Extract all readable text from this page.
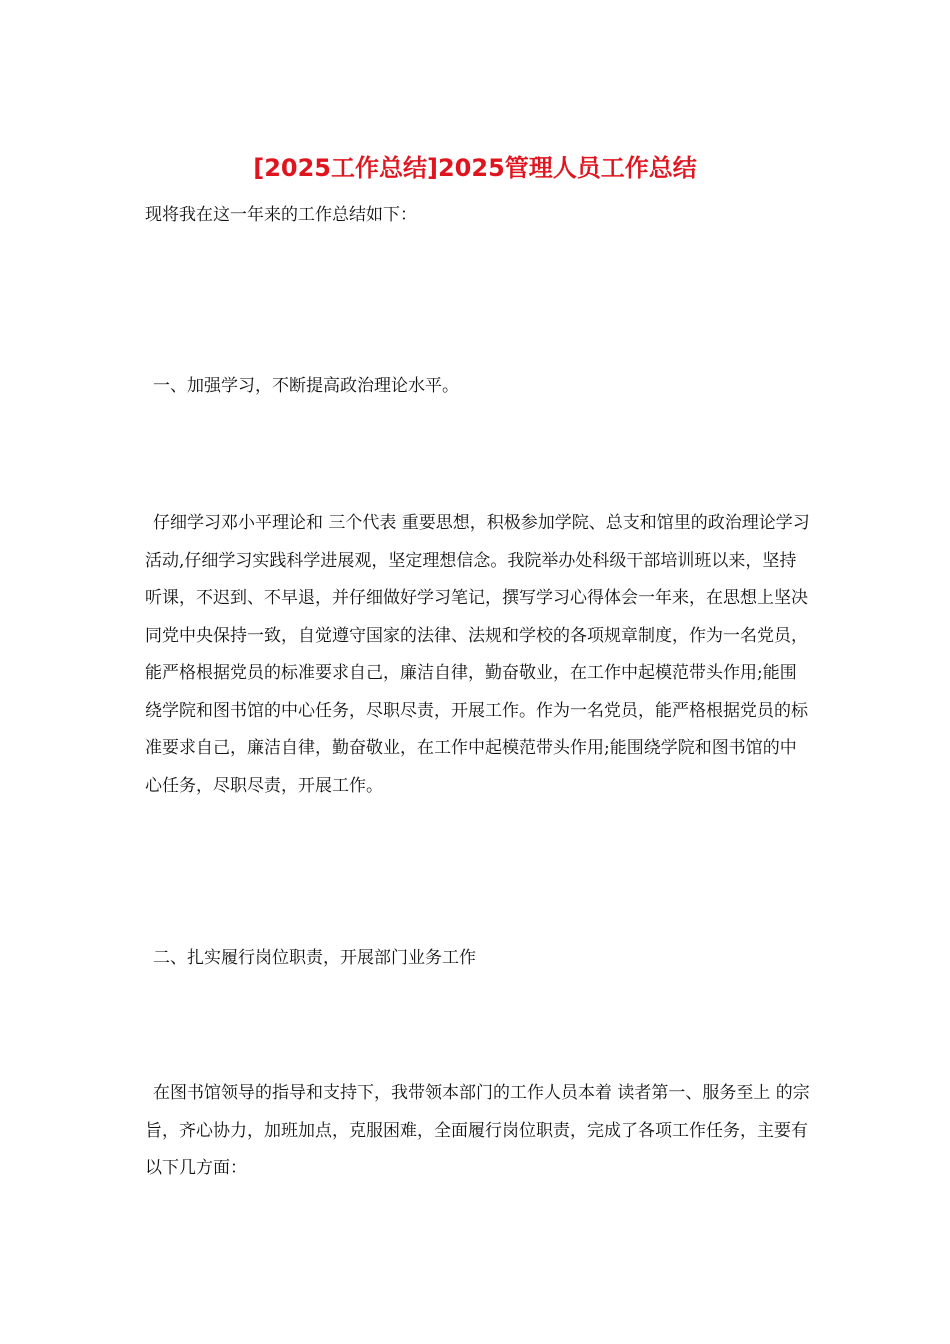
[2025工作总结]2025管理人员工作总结

现将我在这一年来的工作总结如下：

一、加强学习，不断提高政治理论水平。

仔细学习邓小平理论和 三个代表 重要思想，积极参加学院、总支和馆里的政治理论学习活动,仔细学习实践科学进展观，坚定理想信念。我院举办处科级干部培训班以来，坚持听课，不迟到、不早退，并仔细做好学习笔记，撰写学习心得体会一年来，在思想上坚决同党中央保持一致，自觉遵守国家的法律、法规和学校的各项规章制度，作为一名党员，能严格根据党员的标准要求自己，廉洁自律，勤奋敬业，在工作中起模范带头作用;能围绕学院和图书馆的中心任务，尽职尽责，开展工作。作为一名党员，能严格根据党员的标准要求自己，廉洁自律，勤奋敬业，在工作中起模范带头作用;能围绕学院和图书馆的中心任务，尽职尽责，开展工作。

二、扎实履行岗位职责，开展部门业务工作

在图书馆领导的指导和支持下，我带领本部门的工作人员本着 读者第一、服务至上 的宗旨，齐心协力，加班加点，克服困难，全面履行岗位职责，完成了各项工作任务，主要有以下几方面：
